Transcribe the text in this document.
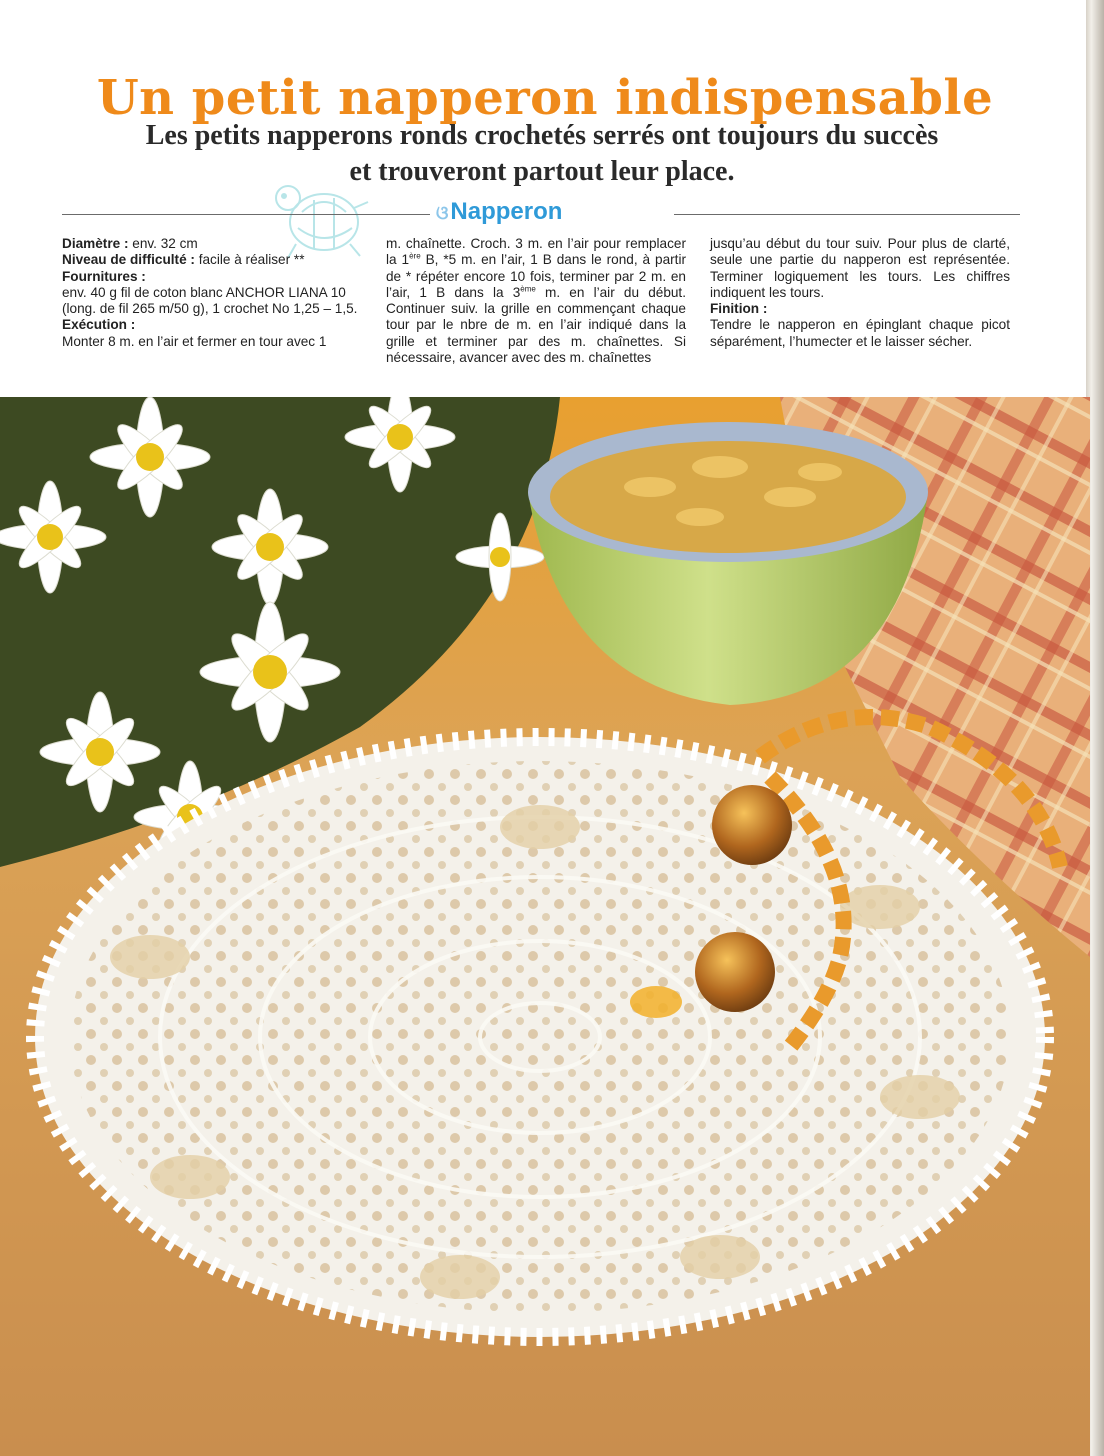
Un petit napperon indispensable
Les petits napperons ronds crochetés serrés ont toujours du succès
et trouveront partout leur place.
ଓNapperon

Diamètre : env. 32 cm

Niveau de difficulté : facile à réaliser **

Fournitures :

env. 40 g fil de coton blanc ANCHOR LIANA 10 (long. de fil 265 m/50 g), 1 crochet No 1,25 – 1,5.

Exécution :

Monter 8 m. en l’air et fermer en tour avec 1

m. chaînette. Croch. 3 m. en l’air pour remplacer la 1ère B, *5 m. en l’air, 1 B dans le rond, à partir de * répéter encore 10 fois, terminer par 2 m. en l’air, 1 B dans la 3ème m. en l’air du début. Continuer suiv. la grille en commençant chaque tour par le nbre de m. en l’air indiqué dans la grille et terminer par des m. chaînettes. Si nécessaire, avancer avec des m. chaînettes

jusqu’au début du tour suiv. Pour plus de clarté, seule une partie du napperon est représentée. Terminer logiquement les tours. Les chiffres indiquent les tours.

Finition :

Tendre le napperon en épinglant chaque picot séparément, l’humecter et le laisser sécher.
